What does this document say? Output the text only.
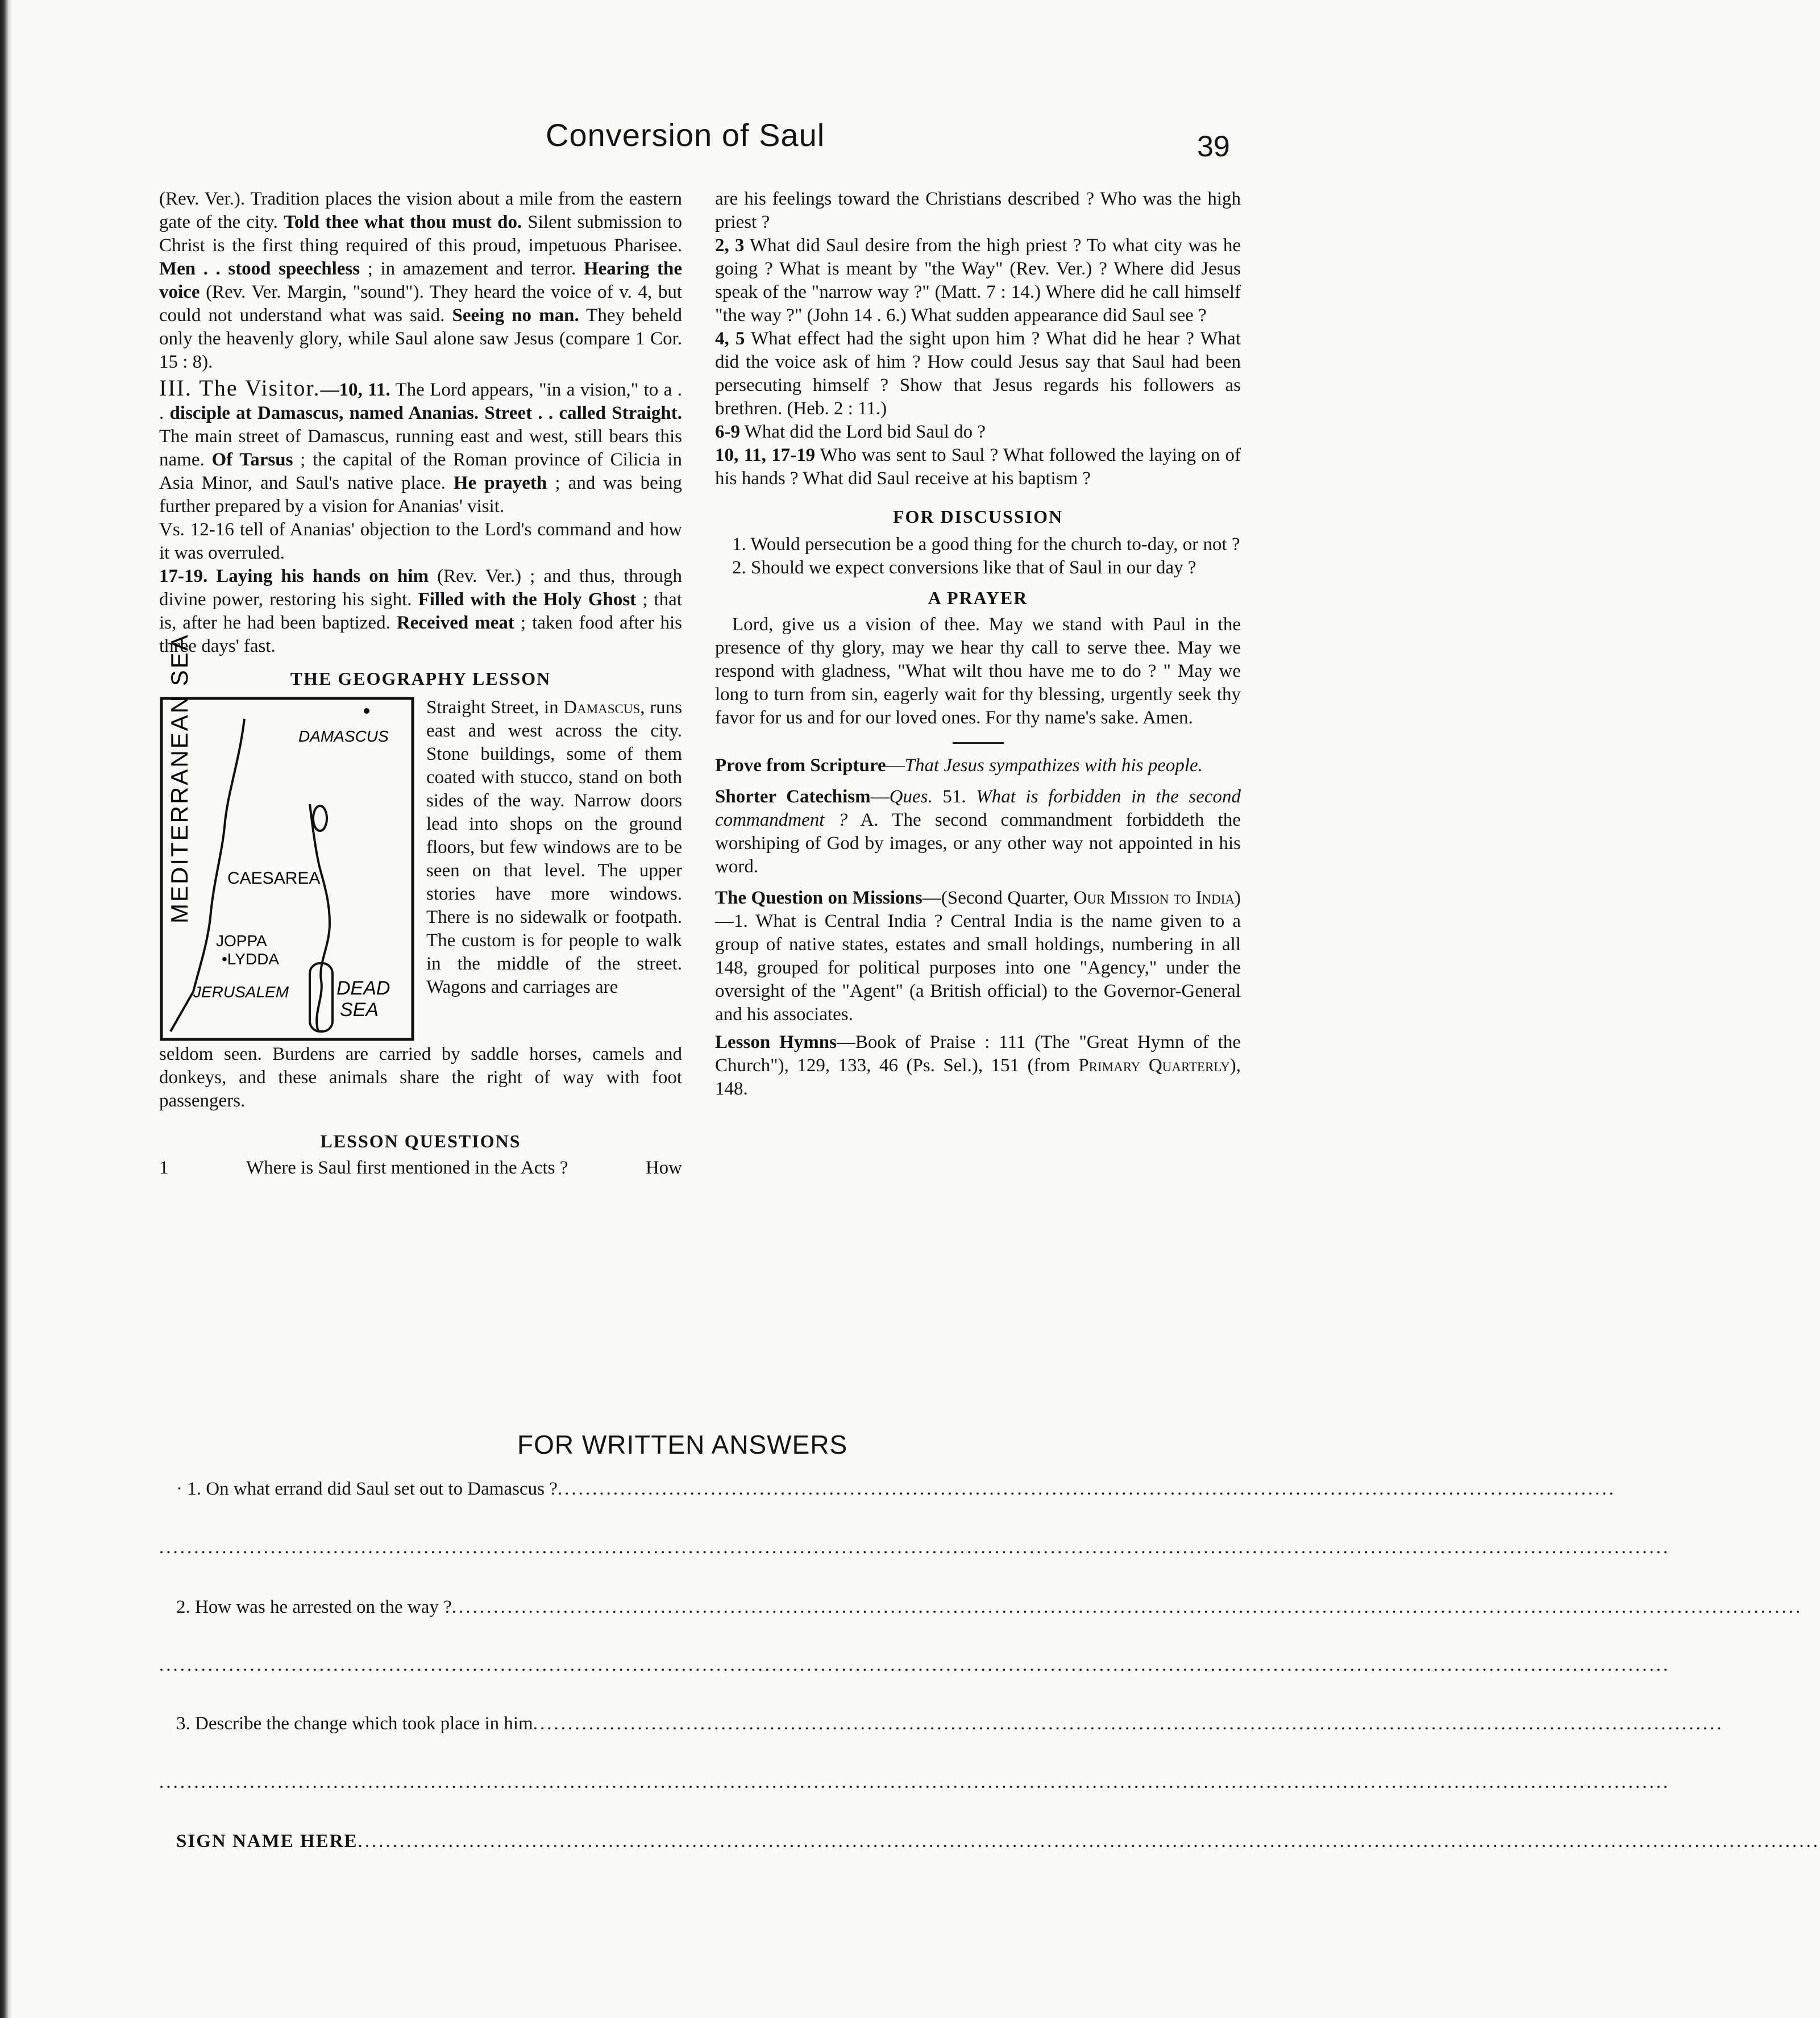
Conversion of Saul	39

(Rev. Ver.). Tradition places the vision about a mile from the eastern gate of the city. Told thee what thou must do. Silent submission to Christ is the first thing required of this proud, impetuous Pharisee. Men . . stood speechless ; in amazement and terror. Hearing the voice (Rev. Ver. Margin, "sound"). They heard the voice of v. 4, but could not understand what was said. Seeing no man. They beheld only the heavenly glory, while Saul alone saw Jesus (compare 1 Cor. 15 : 8).

III. The Visitor.—10, 11. The Lord appears, "in a vision," to a . . disciple at Damascus, named Ananias. Street . . called Straight. The main street of Damascus, running east and west, still bears this name. Of Tarsus ; the capital of the Roman province of Cilicia in Asia Minor, and Saul's native place. He prayeth ; and was being further prepared by a vision for Ananias' visit.

Vs. 12-16 tell of Ananias' objection to the Lord's command and how it was overruled.

17-19. Laying his hands on him (Rev. Ver.) ; and thus, through divine power, restoring his sight. Filled with the Holy Ghost ; that is, after he had been baptized. Received meat ; taken food after his three days' fast.

THE GEOGRAPHY LESSON
MEDITERRANEAN SEA	DAMASCUS
CAESAREA
JOPPA
•LYDDA
JERUSALEM DEAD
SEA

Straight Street, in Damascus, runs east and west across the city. Stone buildings, some of them coated with stucco, stand on both sides of the way. Narrow doors lead into shops on the ground floors, but few windows are to be seen on that level. The upper stories have more windows. There is no sidewalk or footpath. The custom is for people to walk in the middle of the street. Wagons and carriages are

seldom seen. Burdens are carried by saddle horses, camels and donkeys, and these animals share the right of way with foot passengers.

LESSON QUESTIONS
1	Where is Saul first mentioned in the Acts ?	How

are his feelings toward the Christians described ? Who was the high priest ?

2, 3 What did Saul desire from the high priest ? To what city was he going ? What is meant by "the Way" (Rev. Ver.) ? Where did Jesus speak of the "narrow way ?" (Matt. 7 : 14.) Where did he call himself "the way ?" (John 14 . 6.) What sudden appearance did Saul see ?

4, 5 What effect had the sight upon him ? What did he hear ? What did the voice ask of him ? How could Jesus say that Saul had been persecuting himself ? Show that Jesus regards his followers as brethren. (Heb. 2 : 11.)

6-9 What did the Lord bid Saul do ?

10, 11, 17-19 Who was sent to Saul ? What followed the laying on of his hands ? What did Saul receive at his baptism ?

FOR DISCUSSION

1. Would persecution be a good thing for the church to-day, or not ?

2. Should we expect conversions like that of Saul in our day ?

A PRAYER

Lord, give us a vision of thee. May we stand with Paul in the presence of thy glory, may we hear thy call to serve thee. May we respond with gladness, "What wilt thou have me to do ? " May we long to turn from sin, eagerly wait for thy blessing, urgently seek thy favor for us and for our loved ones. For thy name's sake. Amen.

Prove from Scripture—That Jesus sympathizes with his people.

Shorter Catechism—Ques. 51. What is forbidden in the second commandment ? A. The second commandment forbiddeth the worshiping of God by images, or any other way not appointed in his word.

The Question on Missions—(Second Quarter, Our Mission to India)—1. What is Central India ? Central India is the name given to a group of native states, estates and small holdings, numbering in all 148, grouped for political purposes into one "Agency," under the oversight of the "Agent" (a British official) to the Governor-General and his associates.

Lesson Hymns—Book of Praise : 111 (The "Great Hymn of the Church"), 129, 133, 46 (Ps. Sel.), 151 (from Primary Quarterly), 148.

FOR WRITTEN ANSWERS
· 1. On what errand did Saul set out to Damascus ?........................................................................................................................................................
.........................................................................................................................................................................................................................
2. How was he arrested on the way ?..................................................................................................................................................................................................
.........................................................................................................................................................................................................................
3. Describe the change which took place in him...........................................................................................................................................................................
.........................................................................................................................................................................................................................
SIGN NAME HERE..................................................................................................................................................................................................................
